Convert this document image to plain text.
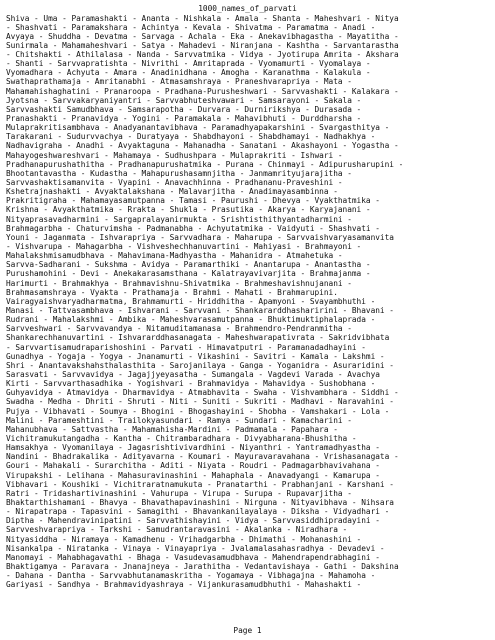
1000_names_of_parvati
Shiva - Uma - Paramashakti - Ananta - Nishkala - Amala - Shanta - Maheshvari - Nitya
- Shashvati - Paramakshara - Achintya - Kevala - Shivatma - Paramatma - Anadi -
Avyaya - Shuddha - Devatma - Sarvaga - Achala - Eka - Anekavibhagastha - Mayatitha -
Sunirmala - Mahamaheshvari - Satya - Mahadevi - Niranjana - Kashtha - Sarvantarastha
- Chitshakti - Athilalasa - Nanda - Sarvvatmika - Vidya - Jyotirupa Amrita - Akshara
- Shanti - Sarvvapratishta - Nivrithi - Amritaprada - Vyomamurti - Vyomalaya -
Vyomadhara - Achyuta - Amara - Anadinidhana - Amogha - Karanathma - Kalakula -
Swathaprathamaja - Amritanabhi - Atmasamshraya - Praneshvarapriya - Mata -
Mahamahishaghatini - Pranaroopa - Pradhana-Purusheshwari - Sarvvashakti - Kalakara -
Jyotsna - Sarvvakaryaniyantri - Sarvvabhuteshvawari - Samsarayoni - Sakala -
Sarvvashakti Samudbhava - Samsarapotha - Durvara - Durnirikshya - Durasada -
Pranashakti - Pranavidya - Yogini - Paramakala - Mahavibhuti - Durddharsha -
Mulaprakritisambhava - Anadyanantavibhava - Paramadhyapakarshini - Svargasthitya -
Tarakarani - Sudurvvachya - Duratyaya - Shabdhayoni - Shabdhamayi - Nadhakhya -
Nadhavigraha - Anadhi - Avyaktaguna - Mahanadha - Sanatani - Akashayoni - Yogastha -
Mahayogeshwareshvari - Mahamaya - Sudhushpara - Mulaprakriti - Ishwari -
Pradhanapurushathitha - Pradhanapurushatmika - Purana - Chinmayi - Adipurusharupini -
Bhootantavastha - Kudastha - Mahapurushasamnjitha - Janmamrityujarajitha -
Sarvvashaktisamanvita - Vyapini - Anavachhinna - Pradhananu-Praveshini -
Kshetrajnashakti - Avyaktalakshana - Malavarjitha - Anadimayasambinna -
Prakritigraha - Mahamayasamutpanna - Tamasi - Paurushi - Dhevya - Vyakthatmika -
Krishna - Avyakthatmika - Rrakta - Shukla - Prasutika - Akarya - Karyajanani -
Nityaprasavadharmini - Sargapralayanirmukta - Srishtisthithyantadharmini -
Brahmagarbha - Chaturvimsha - Padmanabha - Achyutatmika - Vaidyuti - Shashvati -
Youni - Jaganmata - Ishvarapriya - Sarvvadhara - Maharupa - Sarvvaishvaryasamanvita
- Vishvarupa - Mahagarbha - Vishveshechhanuvartini - Mahiyasi - Brahmayoni -
Mahalakshmisamudbhava - Mahavimana-Madhyastha - Mahanidra - Atmahetuka -
Sarvva-Sadharani - Sukshma - Avidya - Paramarthiki - Anantarupa - Anantastha -
Purushamohini - Devi - Anekakarasamsthana - Kalatrayavivarjita - Brahmajanma -
Harimurti - Brahmakhya - Brahmavishnu-Shivatmika - Brahmeshavishnujanani -
Brahmasamshraya - Vyakta - Prathamaja - Brahmi - Mahati - Brahmarupini.
Vairagyaishvaryadharmatma, Brahmamurti - Hriddhitha - Apamyoni - Svayambhuthi -
Manasi - Tattvasambhava - Ishvarani - Sarvvani - Shankararddhasharirini - Bhavani -
Rudrani - Mahalakshmi - Ambika - Maheshvarasamutpanna - Bhuktimuktiphalaprada -
Sarvveshwari - Sarvvavandya - Nitamuditamanasa - Brahmendro-Pendranmitha -
Shankarechhanuvartini - Ishvararddhasanagata - Maheshwarapativrata - Sakridvibhata
- Sarvvartisamudraparishoshini - Parvati - Himavatputri - Paramanadadhayini -
Gunadhya - Yogaja - Yogya - Jnanamurti - Vikashini - Savitri - Kamala - Lakshmi -
Shri - Anantavakshahsthalasthita - Sarojanilaya - Ganga - Yoganidra - Asuraridini -
Sarasvati - Sarvvavidya - Jagajjyeyasatha - Sumangala - Vagdevi Varada - Avachya
Kirti - Sarvvarthasadhika - Yogishvari - Brahmavidya - Mahavidya - Sushobhana -
Guhyavidya - Atmavidya - Dharmavidya - Atmabhavita - Swaha - Vishvambhara - Siddhi -
Swadha - Medha - Dhriti - Shruti - Niti - Suniti - Sukriti - Madhavi - Naravahini -
Pujya - Vibhavati - Soumya - Bhogini - Bhogashayini - Shobha - Vamshakari - Lola -
Malini - Parameshtini - Trailokyasundari - Ramya - Sundari - Kamacharini -
Mahanubhava - Sattvastha - Mahamahisha-Mardini - Padmamala - Papahara -
Vichitramukutangadha - Kantha - Chitrambaradhara - Divyabharana-Bhushitha -
Hamsakhya - Vyomanilaya - Jagasrishtivivardhini - Niyanthri - Yantramadhyastha -
Nandini - Bhadrakalika - Adityavarna - Koumari - Mayuravaravahana - Vrishasanagata -
Gouri - Mahakali - Surarchitha - Aditi - Niyata - Roudri - Padmagarbhavivahana -
Virupakshi - Lelihana - Mahasuravinashini - Mahaphala - Anavadyangi - Kamarupa -
Vibhavari - Koushiki - Vichitraratnamukuta - Pranatarthi - Prabhanjani - Karshani -
Ratri - Tridashartivinashini - Vahurupa - Virupa - Surupa - Rupavarjitha -
Bhaktarthishamani - Bhavya - Bhavathapavinashini - Nirguna - Nityavibhava - Nihsara
- Nirapatrapa - Tapasvini - Samagithi - Bhavankanilayalaya - Diksha - Vidyadhari -
Diptha - Mahendravinipatini - Sarvvathishayini - Vidya - Sarvvasiddhipradayini -
Sarvveshvarapriya - Tarkshi - Samudrantaravasini - Akalanka - Niradhara -
Nityasiddha - Niramaya - Kamadhenu - Vrihadgarbha - Dhimathi - Mohanashini -
Nisankalpa - Niratanka - Vinaya - Vinayapriya - Jvalamalasahasradhya - Devadevi -
Manomayi - Mahabhagavathi - Bhaga - Vasudevasamudbhava - Mahendrapendrabhagini -
Bhaktigamya - Paravara - Jnanajneya - Jarathitha - Vedantavishaya - Gathi - Dakshina
- Dahana - Dantha - Sarvvabhutanamaskritha - Yogamaya - Vibhagajna - Mahamoha -
Gariyasi - Sandhya - Brahmavidyashraya - Vijankurasamudbhuthi - Mahashakti -
Page 1
